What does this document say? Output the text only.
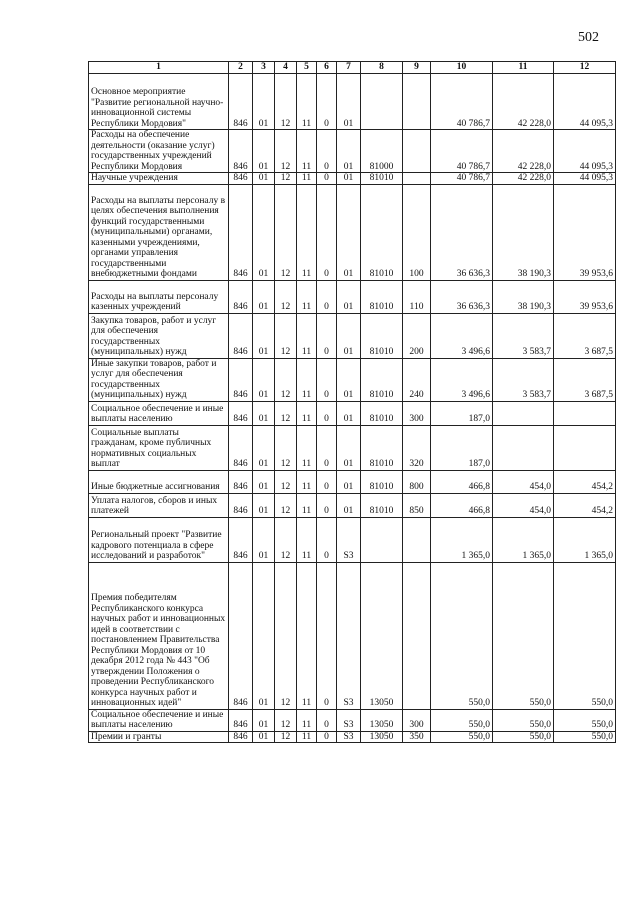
502
1	2	3	4	5	6	7	8	9	10	11	12
Основное мероприятие "Развитие региональной научно-инновационной системы Республики Мордовия"	846	01	12	11	0	01			40 786,7	42 228,0	44 095,3
Расходы на обеспечение деятельности (оказание услуг) государственных учреждений Республики Мордовия	846	01	12	11	0	01	81000		40 786,7	42 228,0	44 095,3
Научные учреждения	846	01	12	11	0	01	81010		40 786,7	42 228,0	44 095,3
Расходы на выплаты персоналу в целях обеспечения выполнения функций государственными (муниципальными) органами, казенными учреждениями, органами управления государственными внебюджетными фондами	846	01	12	11	0	01	81010	100	36 636,3	38 190,3	39 953,6
Расходы на выплаты персоналу казенных учреждений	846	01	12	11	0	01	81010	110	36 636,3	38 190,3	39 953,6
Закупка товаров, работ и услуг для обеспечения государственных (муниципальных) нужд	846	01	12	11	0	01	81010	200	3 496,6	3 583,7	3 687,5
Иные закупки товаров, работ и услуг для обеспечения государственных (муниципальных) нужд	846	01	12	11	0	01	81010	240	3 496,6	3 583,7	3 687,5
Социальное обеспечение и иные выплаты населению	846	01	12	11	0	01	81010	300	187,0		
Социальные выплаты гражданам, кроме публичных нормативных социальных выплат	846	01	12	11	0	01	81010	320	187,0		
Иные бюджетные ассигнования	846	01	12	11	0	01	81010	800	466,8	454,0	454,2
Уплата налогов, сборов и иных платежей	846	01	12	11	0	01	81010	850	466,8	454,0	454,2
Региональный проект "Развитие кадрового потенциала в сфере исследований и разработок"	846	01	12	11	0	S3			1 365,0	1 365,0	1 365,0
Премия победителям Республиканского конкурса научных работ и инновационных идей в соответствии с постановлением Правительства Республики Мордовия от 10 декабря 2012 года № 443 "Об утверждении Положения о проведении Республиканского конкурса научных работ и инновационных идей"	846	01	12	11	0	S3	13050		550,0	550,0	550,0
Социальное обеспечение и иные выплаты населению	846	01	12	11	0	S3	13050	300	550,0	550,0	550,0
Премии и гранты	846	01	12	11	0	S3	13050	350	550,0	550,0	550,0
